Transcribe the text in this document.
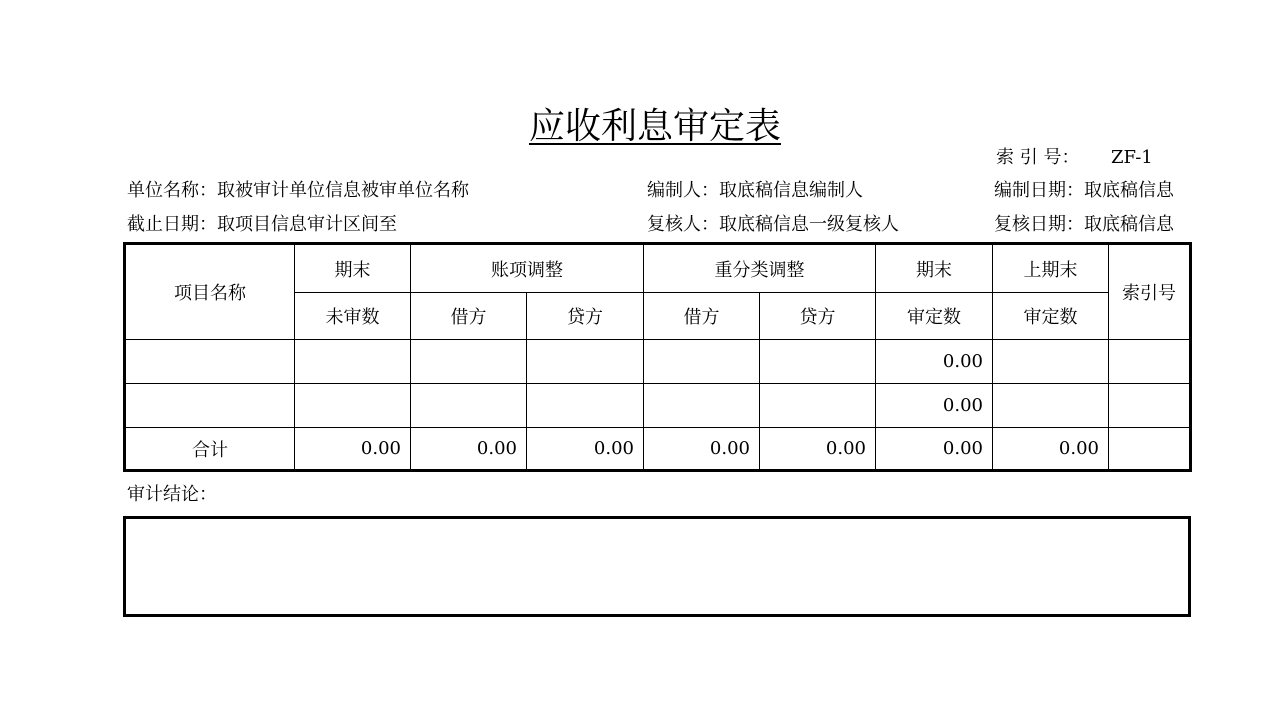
应收利息审定表
索 引 号： ZF-1
单位名称：取被审计单位信息被审单位名称	编制人：取底稿信息编制人	编制日期：取底稿信息
截止日期：取项目信息审计区间至	复核人：取底稿信息一级复核人	复核日期：取底稿信息
项目名称	期末	账项调整		重分类调整		期末	上期末	索引号
	未审数	借方	贷方	借方	贷方	审定数	审定数	
						0.00		
						0.00		
合计	0.00	0.00	0.00	0.00	0.00	0.00	0.00	
审计结论：
